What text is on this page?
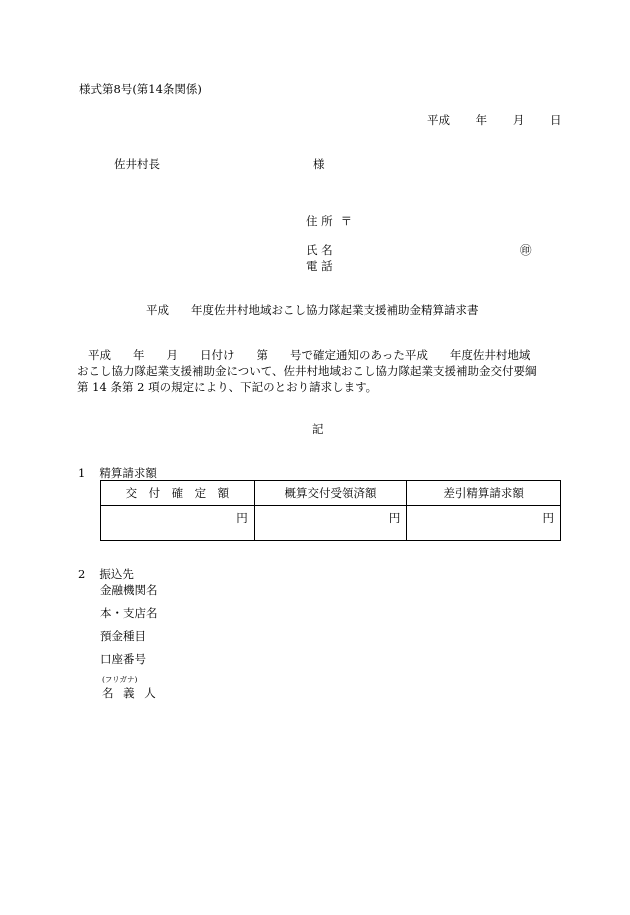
様式第8号(第14条関係)
平成 年 月 日
佐井村長	様
住 所 〒
氏 名	㊞
電 話
平成 年度佐井村地域おこし協力隊起業支援補助金精算請求書
平成 年 月 日付け 第 号で確定通知のあった平成 年度佐井村地域
おこし協力隊起業支援補助金について、佐井村地域おこし協力隊起業支援補助金交付要綱
第 14 条第 2 項の規定により、下記のとおり請求します。
記
1 精算請求額
交　付　確　定　額	概算交付受領済額	差引精算請求額
円	円	円
2 振込先
金融機関名
本・支店名
預金種目
口座番号
(フリガナ)
名 義 人
